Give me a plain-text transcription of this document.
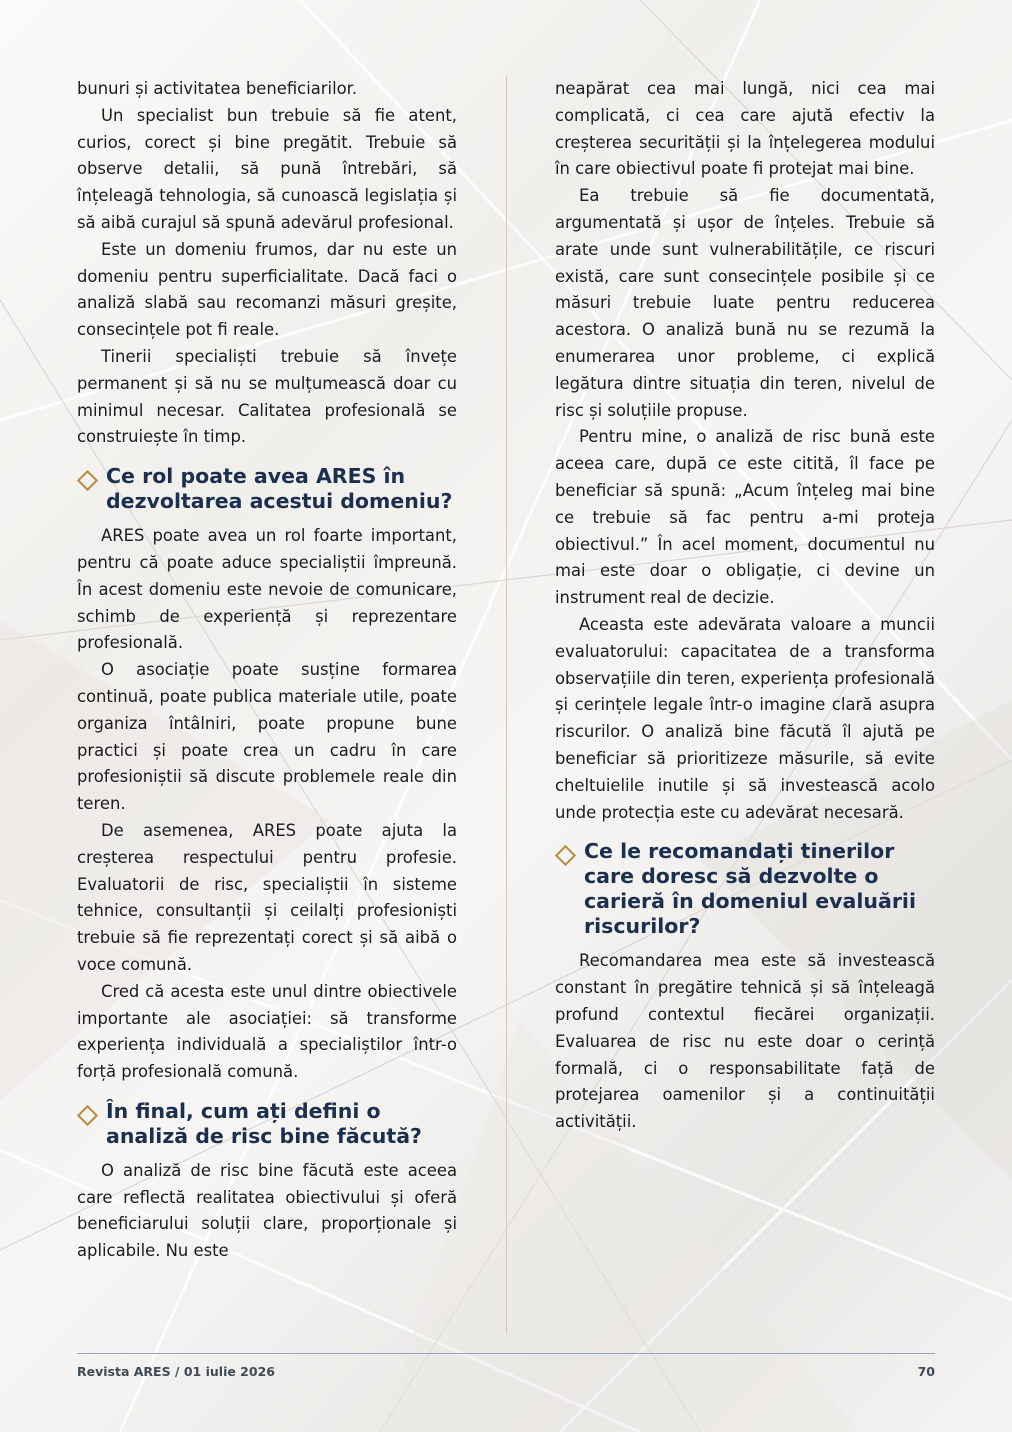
bunuri și activitatea beneficiarilor.

Un specialist bun trebuie să fie atent, curios, corect și bine pregătit. Trebuie să observe detalii, să pună întrebări, să înțeleagă tehnologia, să cunoască legislația și să aibă curajul să spună adevărul profesional.

Este un domeniu frumos, dar nu este un domeniu pentru superficialitate. Dacă faci o analiză slabă sau recomanzi măsuri greșite, consecințele pot fi reale.

Tinerii specialiști trebuie să învețe permanent și să nu se mulțumească doar cu minimul necesar. Calitatea profesională se construiește în timp.

Ce rol poate avea ARES în dezvoltarea acestui domeniu?

ARES poate avea un rol foarte important, pentru că poate aduce specialiștii împreună. În acest domeniu este nevoie de comunicare, schimb de experiență și reprezentare profesională.

O asociație poate susține formarea continuă, poate publica materiale utile, poate organiza întâlniri, poate propune bune practici și poate crea un cadru în care profesioniștii să discute problemele reale din teren.

De asemenea, ARES poate ajuta la creșterea respectului pentru profesie. Evaluatorii de risc, specialiștii în sisteme tehnice, consultanții și ceilalți profesioniști trebuie să fie reprezentați corect și să aibă o voce comună.

Cred că acesta este unul dintre obiectivele importante ale asociației: să transforme experiența individuală a specialiștilor într-o forță profesională comună.

În final, cum ați defini o analiză de risc bine făcută?

O analiză de risc bine făcută este aceea care reflectă realitatea obiectivului și oferă beneficiarului soluții clare, proporționale și aplicabile. Nu este

neapărat cea mai lungă, nici cea mai complicată, ci cea care ajută efectiv la creșterea securității și la înțelegerea modului în care obiectivul poate fi protejat mai bine.

Ea trebuie să fie documentată, argumentată și ușor de înțeles. Trebuie să arate unde sunt vulnerabilitățile, ce riscuri există, care sunt consecințele posibile și ce măsuri trebuie luate pentru reducerea acestora. O analiză bună nu se rezumă la enumerarea unor probleme, ci explică legătura dintre situația din teren, nivelul de risc și soluțiile propuse.

Pentru mine, o analiză de risc bună este aceea care, după ce este citită, îl face pe beneficiar să spună: „Acum înțeleg mai bine ce trebuie să fac pentru a-mi proteja obiectivul.” În acel moment, documentul nu mai este doar o obligație, ci devine un instrument real de decizie.

Aceasta este adevărata valoare a muncii evaluatorului: capacitatea de a transforma observațiile din teren, experiența profesională și cerințele legale într-o imagine clară asupra riscurilor. O analiză bine făcută îl ajută pe beneficiar să prioritizeze măsurile, să evite cheltuielile inutile și să investească acolo unde protecția este cu adevărat necesară.

Ce le recomandați tinerilor care doresc să dezvolte o carieră în domeniul evaluării riscurilor?

Recomandarea mea este să investească constant în pregătire tehnică și să înțeleagă profund contextul fiecărei organizații. Evaluarea de risc nu este doar o cerință formală, ci o responsabilitate față de protejarea oamenilor și a continuității activității.

Revista ARES / 01 iulie 2026	70
